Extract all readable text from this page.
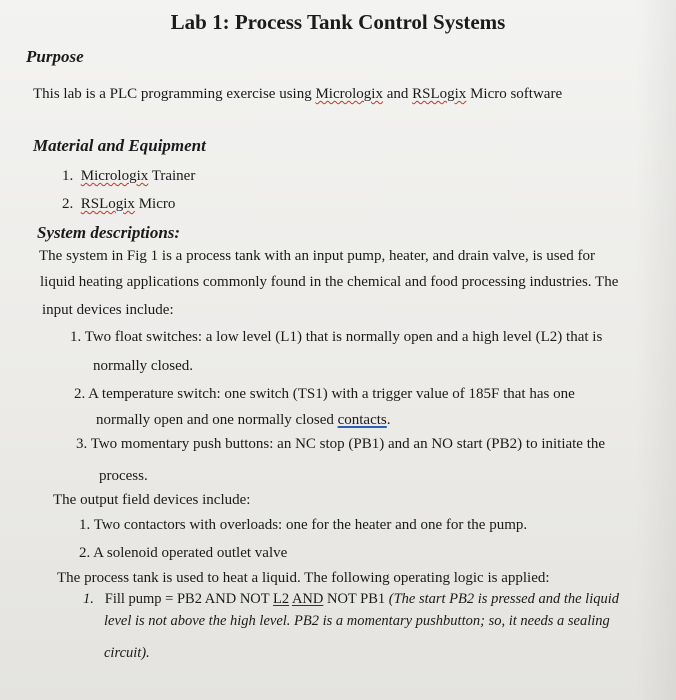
Lab 1: Process Tank Control Systems
Purpose
This lab is a PLC programming exercise using Micrologix and RSLogix Micro software
Material and Equipment
1. Micrologix Trainer
2. RSLogix Micro
System descriptions:
The system in Fig 1 is a process tank with an input pump, heater, and drain valve, is used for
liquid heating applications commonly found in the chemical and food processing industries. The
input devices include:
1. Two float switches: a low level (L1) that is normally open and a high level (L2) that is
normally closed.
2. A temperature switch: one switch (TS1) with a trigger value of 185F that has one
normally open and one normally closed contacts.
3. Two momentary push buttons: an NC stop (PB1) and an NO start (PB2) to initiate the
process.
The output field devices include:
1. Two contactors with overloads: one for the heater and one for the pump.
2. A solenoid operated outlet valve
The process tank is used to heat a liquid. The following operating logic is applied:
1. Fill pump = PB2 AND NOT L2 AND NOT PB1 (The start PB2 is pressed and the liquid
level is not above the high level. PB2 is a momentary pushbutton; so, it needs a sealing
circuit).
